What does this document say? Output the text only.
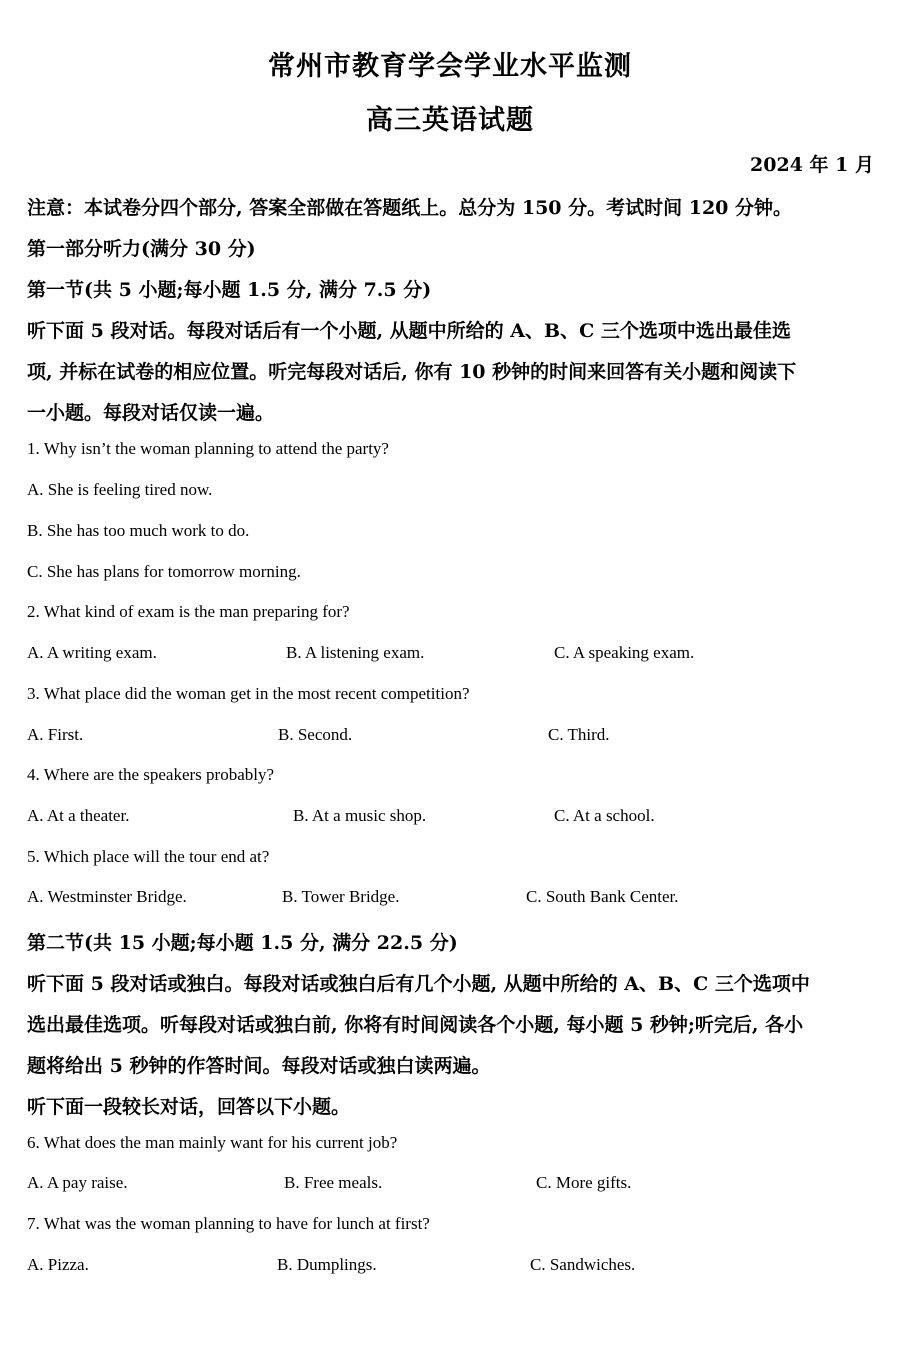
常州市教育学会学业水平监测
高三英语试题
2024 年 1 月
注意：本试卷分四个部分, 答案全部做在答题纸上。总分为 150 分。考试时间 120 分钟。
第一部分听力(满分 30 分)
第一节(共 5 小题;每小题 1.5 分, 满分 7.5 分)
听下面 5 段对话。每段对话后有一个小题, 从题中所给的 A、B、C 三个选项中选出最佳选
项, 并标在试卷的相应位置。听完每段对话后, 你有 10 秒钟的时间来回答有关小题和阅读下
一小题。每段对话仅读一遍。
1. Why isn’t the woman planning to attend the party?
A. She is feeling tired now.
B. She has too much work to do.
C. She has plans for tomorrow morning.
2. What kind of exam is the man preparing for?
A. A writing exam.	B. A listening exam.	C. A speaking exam.
3. What place did the woman get in the most recent competition?
A. First.	B. Second.	C. Third.
4. Where are the speakers probably?
A. At a theater.	B. At a music shop.	C. At a school.
5. Which place will the tour end at?
A. Westminster Bridge.	B. Tower Bridge.	C. South Bank Center.
第二节(共 15 小题;每小题 1.5 分, 满分 22.5 分)
听下面 5 段对话或独白。每段对话或独白后有几个小题, 从题中所给的 A、B、C 三个选项中
选出最佳选项。听每段对话或独白前, 你将有时间阅读各个小题, 每小题 5 秒钟;听完后, 各小
题将给出 5 秒钟的作答时间。每段对话或独白读两遍。
听下面一段较长对话，回答以下小题。
6. What does the man mainly want for his current job?
A. A pay raise.	B. Free meals.	C. More gifts.
7. What was the woman planning to have for lunch at first?
A. Pizza.	B. Dumplings.	C. Sandwiches.
